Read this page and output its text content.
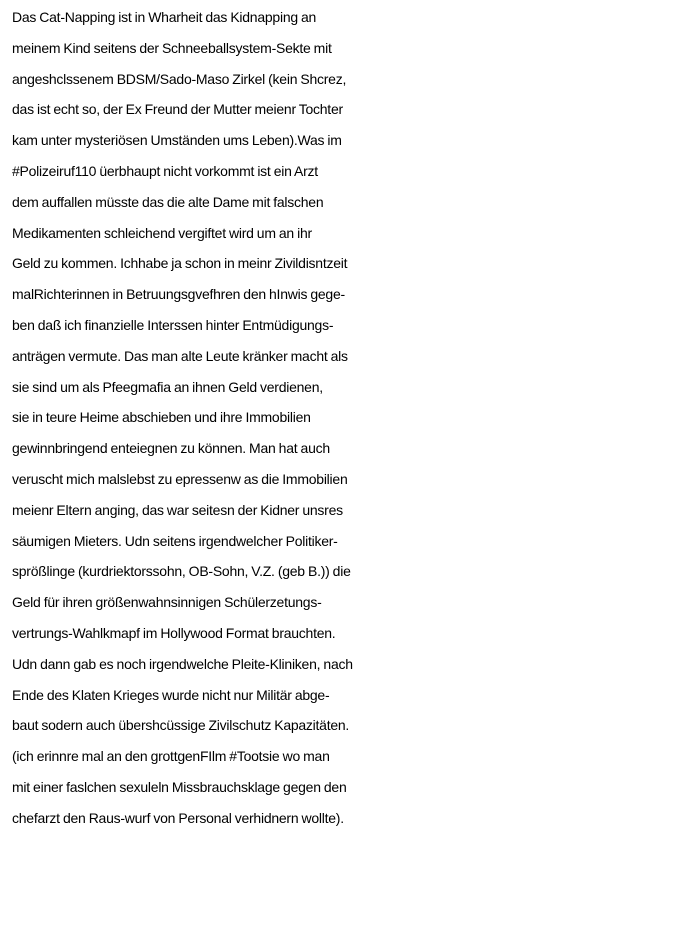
Das Cat-Napping ist in Wharheit das Kidnapping an
meinem Kind seitens der Schneeballsystem-Sekte mit
angeshclssenem BDSM/Sado-Maso Zirkel (kein Shcrez,
das ist echt so, der Ex Freund der Mutter meienr Tochter
kam unter mysteriösen Umständen ums Leben).Was im
#Polizeiruf110 üerbhaupt nicht vorkommt ist ein Arzt
dem auffallen müsste das die alte Dame mit falschen
Medikamenten schleichend vergiftet wird um an ihr
Geld zu kommen. Ichhabe ja schon in meinr Zivildisntzeit
malRichterinnen in Betruungsgvefhren den hInwis gege-
ben daß ich finanzielle Interssen hinter Entmüdigungs-
anträgen vermute. Das man alte Leute kränker macht als
sie sind um als Pfeegmafia an ihnen Geld verdienen,
sie in teure Heime abschieben und ihre Immobilien
gewinnbringend enteiegnen zu können. Man hat auch
veruscht mich malslebst zu epressenw as die Immobilien
meienr Eltern anging, das war seitesn der Kidner unsres
säumigen Mieters. Udn seitens irgendwelcher Politiker-
sprößlinge (kurdriektorssohn, OB-Sohn, V.Z. (geb B.)) die
Geld für ihren größenwahnsinnigen Schülerzetungs-
vertrungs-Wahlkmapf im Hollywood Format brauchten.
Udn dann gab es noch irgendwelche Pleite-Kliniken, nach
Ende des Klaten Krieges wurde nicht nur Militär abge-
baut sodern auch übershcüssige Zivilschutz Kapazitäten.
(ich erinnre mal an den grottgenFIlm #Tootsie wo man
mit einer faslchen sexuleln Missbrauchsklage gegen den
chefarzt den Raus-wurf von Personal verhidnern wollte).
